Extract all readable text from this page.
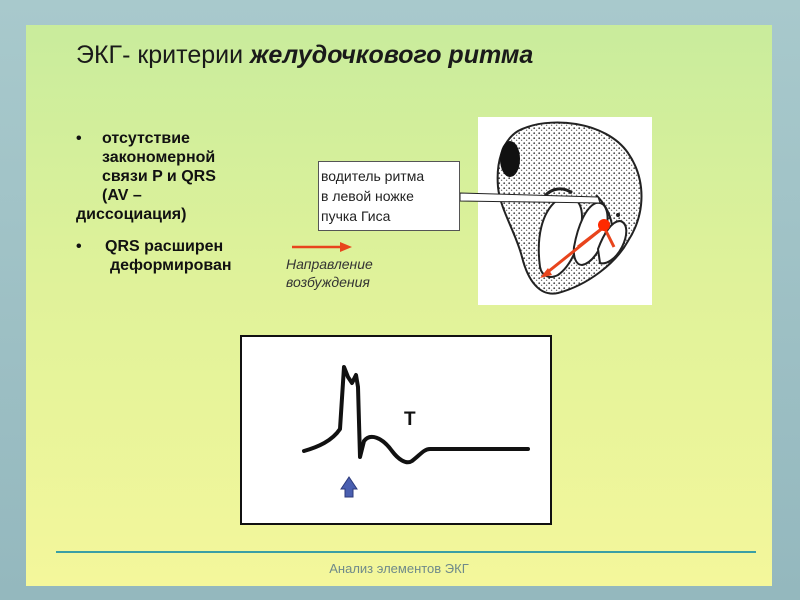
ЭКГ- критерии желудочкового ритма
• отсутствие
закономерной
связи P и QRS
(AV –
диссоциация)
• QRS расширен
деформирован	Направление
возбуждения
водитель ритма
в левой ножке
пучка Гиса
T
Анализ элементов ЭКГ
